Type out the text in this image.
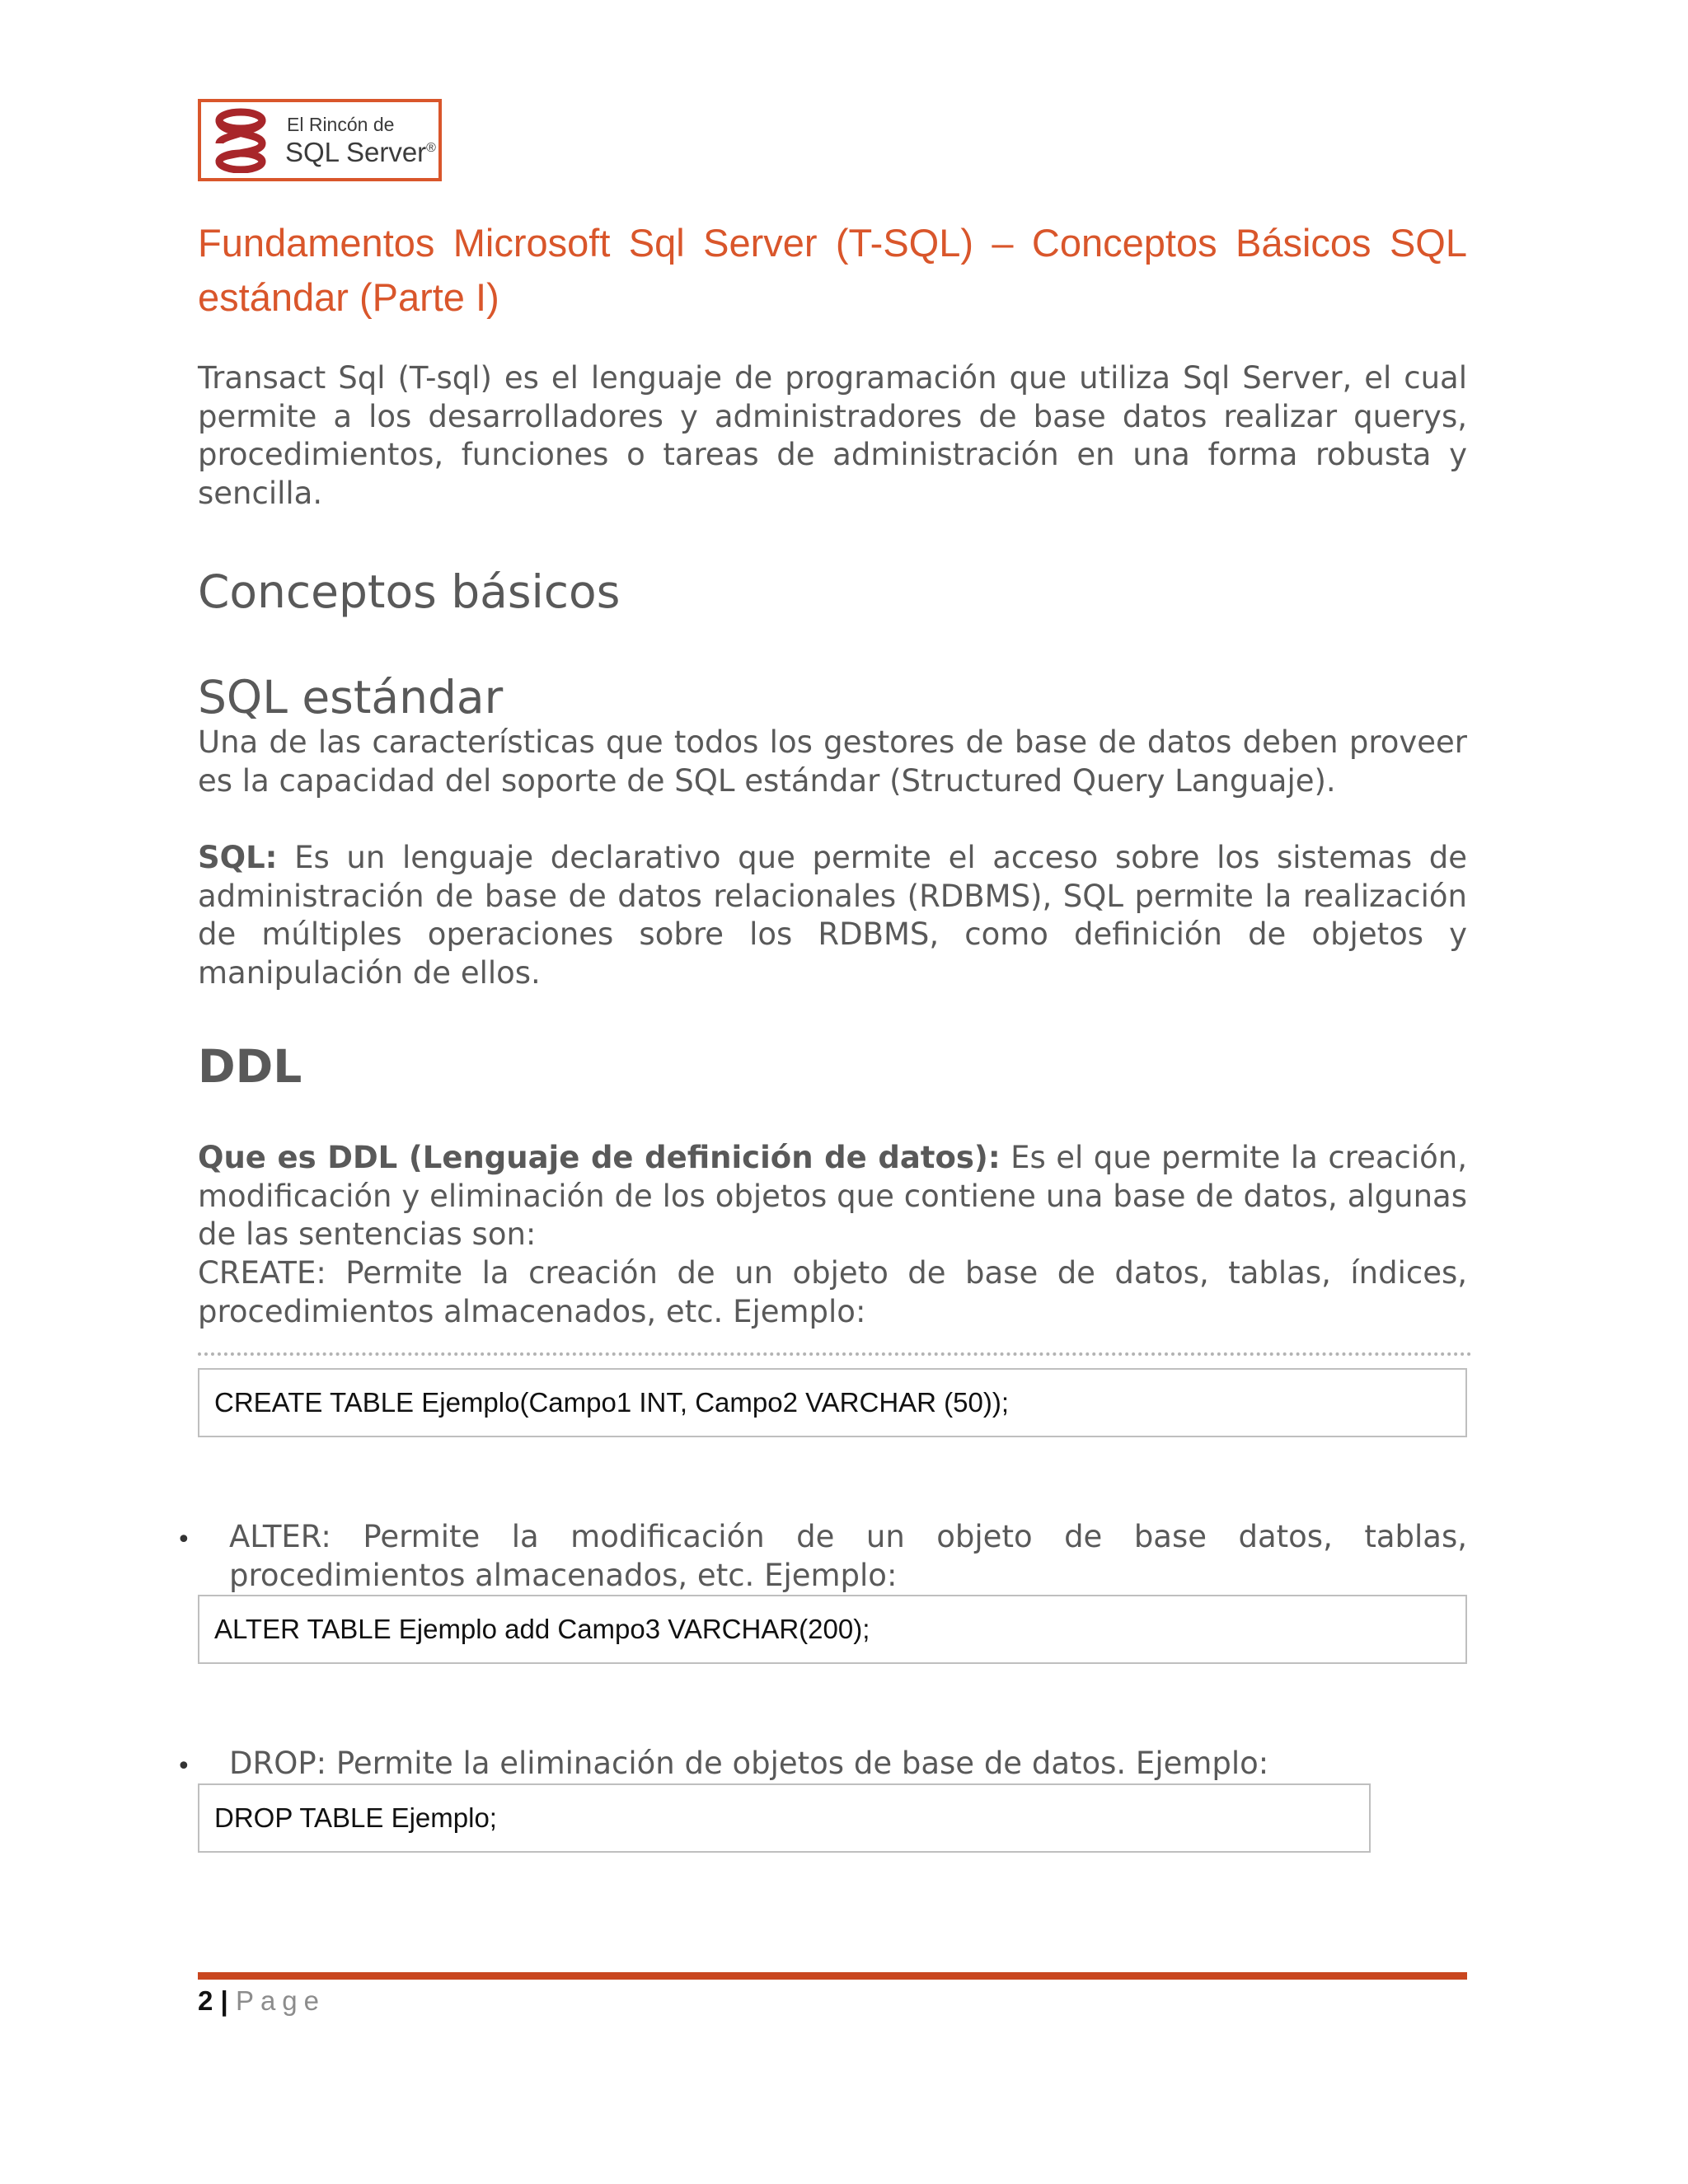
El Rincón de
SQL Server®
Fundamentos Microsoft Sql Server (T-SQL) – Conceptos Básicos SQL estándar (Parte I)

Transact Sql (T-sql) es el lenguaje de programación que utiliza Sql Server, el cual permite a los desarrolladores y administradores de base datos realizar querys, procedimientos, funciones o tareas de administración en una forma robusta y sencilla.

Conceptos básicos
SQL estándar

Una de las características que todos los gestores de base de datos deben proveer es la capacidad del soporte de SQL estándar (Structured Query Languaje).

SQL: Es un lenguaje declarativo que permite el acceso sobre los sistemas de administración de base de datos relacionales (RDBMS), SQL permite la realización de múltiples operaciones sobre los RDBMS, como definición de objetos y manipulación de ellos.

DDL

Que es DDL (Lenguaje de definición de datos): Es el que permite la creación, modificación y eliminación de los objetos que contiene una base de datos, algunas de las sentencias son:

CREATE: Permite la creación de un objeto de base de datos, tablas, índices, procedimientos almacenados, etc. Ejemplo:

CREATE TABLE Ejemplo(Campo1 INT, Campo2 VARCHAR (50));
• ALTER: Permite la modificación de un objeto de base datos, tablas, procedimientos almacenados, etc. Ejemplo:

ALTER TABLE Ejemplo add Campo3 VARCHAR(200);
• DROP: Permite la eliminación de objetos de base de datos. Ejemplo:

DROP TABLE Ejemplo;
2 | Page
